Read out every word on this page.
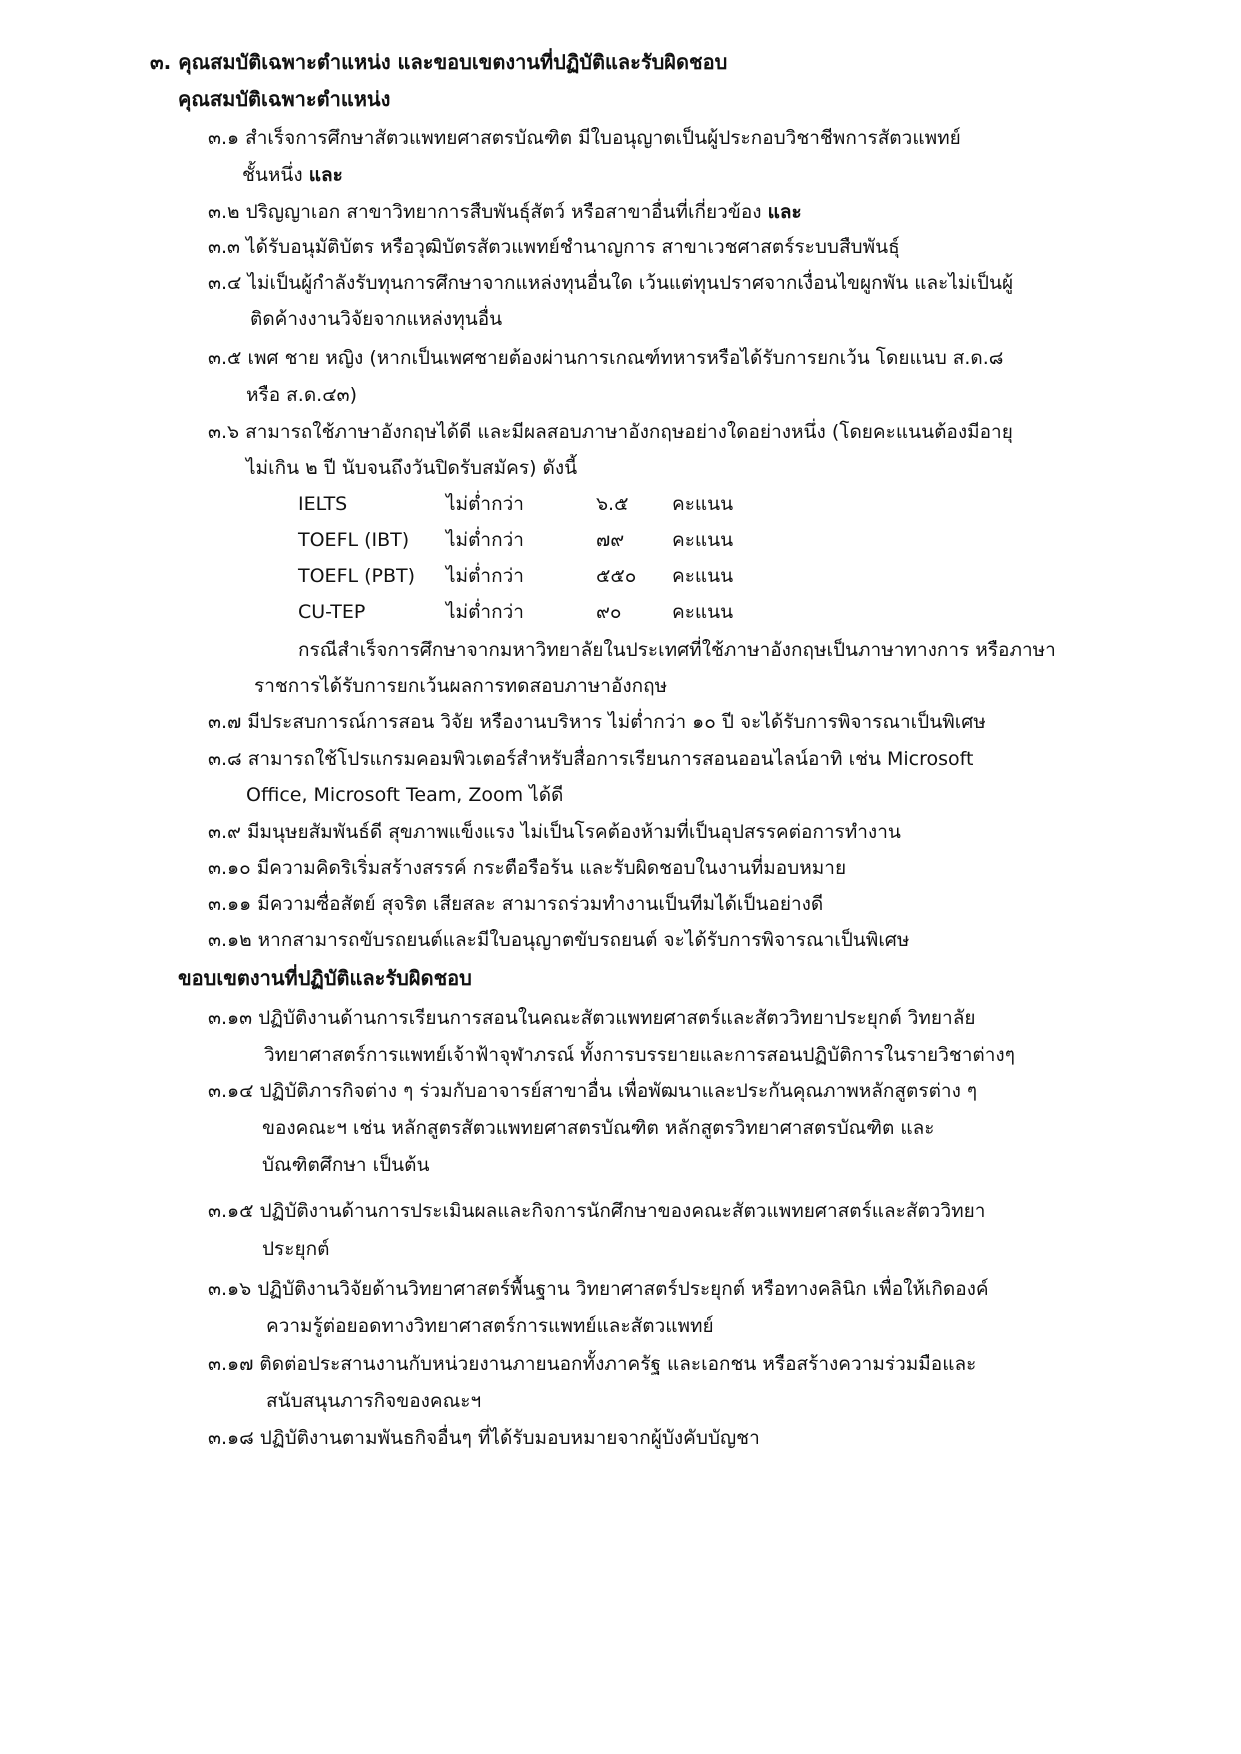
๓. คุณสมบัติเฉพาะตำแหน่ง และขอบเขตงานที่ปฏิบัติและรับผิดชอบ
คุณสมบัติเฉพาะตำแหน่ง
๓.๑ สำเร็จการศึกษาสัตวแพทยศาสตรบัณฑิต มีใบอนุญาตเป็นผู้ประกอบวิชาชีพการสัตวแพทย์
ชั้นหนึ่ง และ
๓.๒ ปริญญาเอก สาขาวิทยาการสืบพันธุ์สัตว์ หรือสาขาอื่นที่เกี่ยวข้อง และ
๓.๓ ได้รับอนุมัติบัตร หรือวุฒิบัตรสัตวแพทย์ชำนาญการ สาขาเวชศาสตร์ระบบสืบพันธุ์
๓.๔ ไม่เป็นผู้กำลังรับทุนการศึกษาจากแหล่งทุนอื่นใด เว้นแต่ทุนปราศจากเงื่อนไขผูกพัน และไม่เป็นผู้
ติดค้างงานวิจัยจากแหล่งทุนอื่น
๓.๕ เพศ ชาย หญิง (หากเป็นเพศชายต้องผ่านการเกณฑ์ทหารหรือได้รับการยกเว้น โดยแนบ ส.ด.๘
หรือ ส.ด.๔๓)
๓.๖ สามารถใช้ภาษาอังกฤษได้ดี และมีผลสอบภาษาอังกฤษอย่างใดอย่างหนึ่ง (โดยคะแนนต้องมีอายุ
ไม่เกิน ๒ ปี นับจนถึงวันปิดรับสมัคร) ดังนี้
IELTS	ไม่ต่ำกว่า	๖.๕ คะแนน
TOEFL (IBT) ไม่ต่ำกว่า	๗๙	คะแนน
TOEFL (PBT) ไม่ต่ำกว่า	๕๕๐ คะแนน
CU-TEP	ไม่ต่ำกว่า	๙๐	คะแนน
กรณีสำเร็จการศึกษาจากมหาวิทยาลัยในประเทศที่ใช้ภาษาอังกฤษเป็นภาษาทางการ หรือภาษา
ราชการได้รับการยกเว้นผลการทดสอบภาษาอังกฤษ
๓.๗ มีประสบการณ์การสอน วิจัย หรืองานบริหาร ไม่ต่ำกว่า ๑๐ ปี จะได้รับการพิจารณาเป็นพิเศษ
๓.๘ สามารถใช้โปรแกรมคอมพิวเตอร์สำหรับสื่อการเรียนการสอนออนไลน์อาทิ เช่น Microsoft
Office, Microsoft Team, Zoom ได้ดี
๓.๙ มีมนุษยสัมพันธ์ดี สุขภาพแข็งแรง ไม่เป็นโรคต้องห้ามที่เป็นอุปสรรคต่อการทำงาน
๓.๑๐ มีความคิดริเริ่มสร้างสรรค์ กระตือรือร้น และรับผิดชอบในงานที่มอบหมาย
๓.๑๑ มีความซื่อสัตย์ สุจริต เสียสละ สามารถร่วมทำงานเป็นทีมได้เป็นอย่างดี
๓.๑๒ หากสามารถขับรถยนต์และมีใบอนุญาตขับรถยนต์ จะได้รับการพิจารณาเป็นพิเศษ
ขอบเขตงานที่ปฏิบัติและรับผิดชอบ
๓.๑๓ ปฏิบัติงานด้านการเรียนการสอนในคณะสัตวแพทยศาสตร์และสัตววิทยาประยุกต์ วิทยาลัย
วิทยาศาสตร์การแพทย์เจ้าฟ้าจุฬาภรณ์ ทั้งการบรรยายและการสอนปฏิบัติการในรายวิชาต่างๆ
๓.๑๔ ปฏิบัติภารกิจต่าง ๆ ร่วมกับอาจารย์สาขาอื่น เพื่อพัฒนาและประกันคุณภาพหลักสูตรต่าง ๆ
ของคณะฯ เช่น หลักสูตรสัตวแพทยศาสตรบัณฑิต หลักสูตรวิทยาศาสตรบัณฑิต และ
บัณฑิตศึกษา เป็นต้น
๓.๑๕ ปฏิบัติงานด้านการประเมินผลและกิจการนักศึกษาของคณะสัตวแพทยศาสตร์และสัตววิทยา
ประยุกต์
๓.๑๖ ปฏิบัติงานวิจัยด้านวิทยาศาสตร์พื้นฐาน วิทยาศาสตร์ประยุกต์ หรือทางคลินิก เพื่อให้เกิดองค์
ความรู้ต่อยอดทางวิทยาศาสตร์การแพทย์และสัตวแพทย์
๓.๑๗ ติดต่อประสานงานกับหน่วยงานภายนอกทั้งภาครัฐ และเอกชน หรือสร้างความร่วมมือและ
สนับสนุนภารกิจของคณะฯ
๓.๑๘ ปฏิบัติงานตามพันธกิจอื่นๆ ที่ได้รับมอบหมายจากผู้บังคับบัญชา
